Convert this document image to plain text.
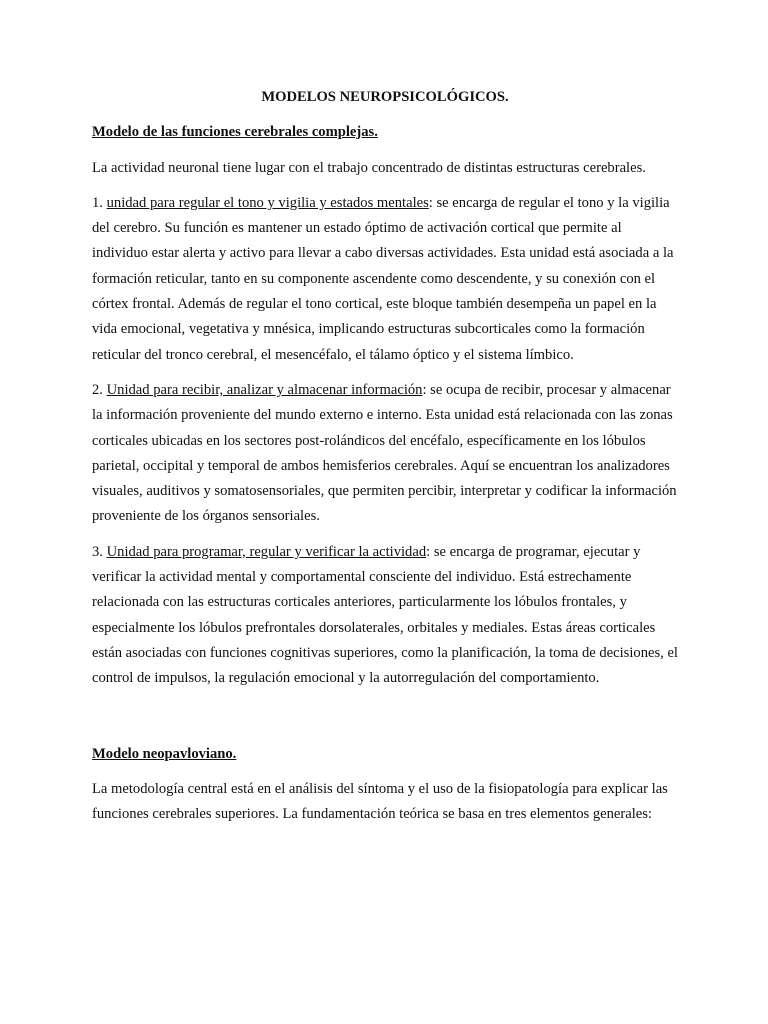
MODELOS NEUROPSICOLÓGICOS.
Modelo de las funciones cerebrales complejas.

La actividad neuronal tiene lugar con el trabajo concentrado de distintas estructuras cerebrales.

1. unidad para regular el tono y vigilia y estados mentales: se encarga de regular el tono y la vigilia del cerebro. Su función es mantener un estado óptimo de activación cortical que permite al individuo estar alerta y activo para llevar a cabo diversas actividades. Esta unidad está asociada a la formación reticular, tanto en su componente ascendente como descendente, y su conexión con el córtex frontal. Además de regular el tono cortical, este bloque también desempeña un papel en la vida emocional, vegetativa y mnésica, implicando estructuras subcorticales como la formación reticular del tronco cerebral, el mesencéfalo, el tálamo óptico y el sistema límbico.

2. Unidad para recibir, analizar y almacenar información: se ocupa de recibir, procesar y almacenar la información proveniente del mundo externo e interno. Esta unidad está relacionada con las zonas corticales ubicadas en los sectores post-rolándicos del encéfalo, específicamente en los lóbulos parietal, occipital y temporal de ambos hemisferios cerebrales. Aquí se encuentran los analizadores visuales, auditivos y somatosensoriales, que permiten percibir, interpretar y codificar la información proveniente de los órganos sensoriales.

3. Unidad para programar, regular y verificar la actividad: se encarga de programar, ejecutar y verificar la actividad mental y comportamental consciente del individuo. Está estrechamente relacionada con las estructuras corticales anteriores, particularmente los lóbulos frontales, y especialmente los lóbulos prefrontales dorsolaterales, orbitales y mediales. Estas áreas corticales están asociadas con funciones cognitivas superiores, como la planificación, la toma de decisiones, el control de impulsos, la regulación emocional y la autorregulación del comportamiento.

Modelo neopavloviano.

La metodología central está en el análisis del síntoma y el uso de la fisiopatología para explicar las funciones cerebrales superiores. La fundamentación teórica se basa en tres elementos generales:
